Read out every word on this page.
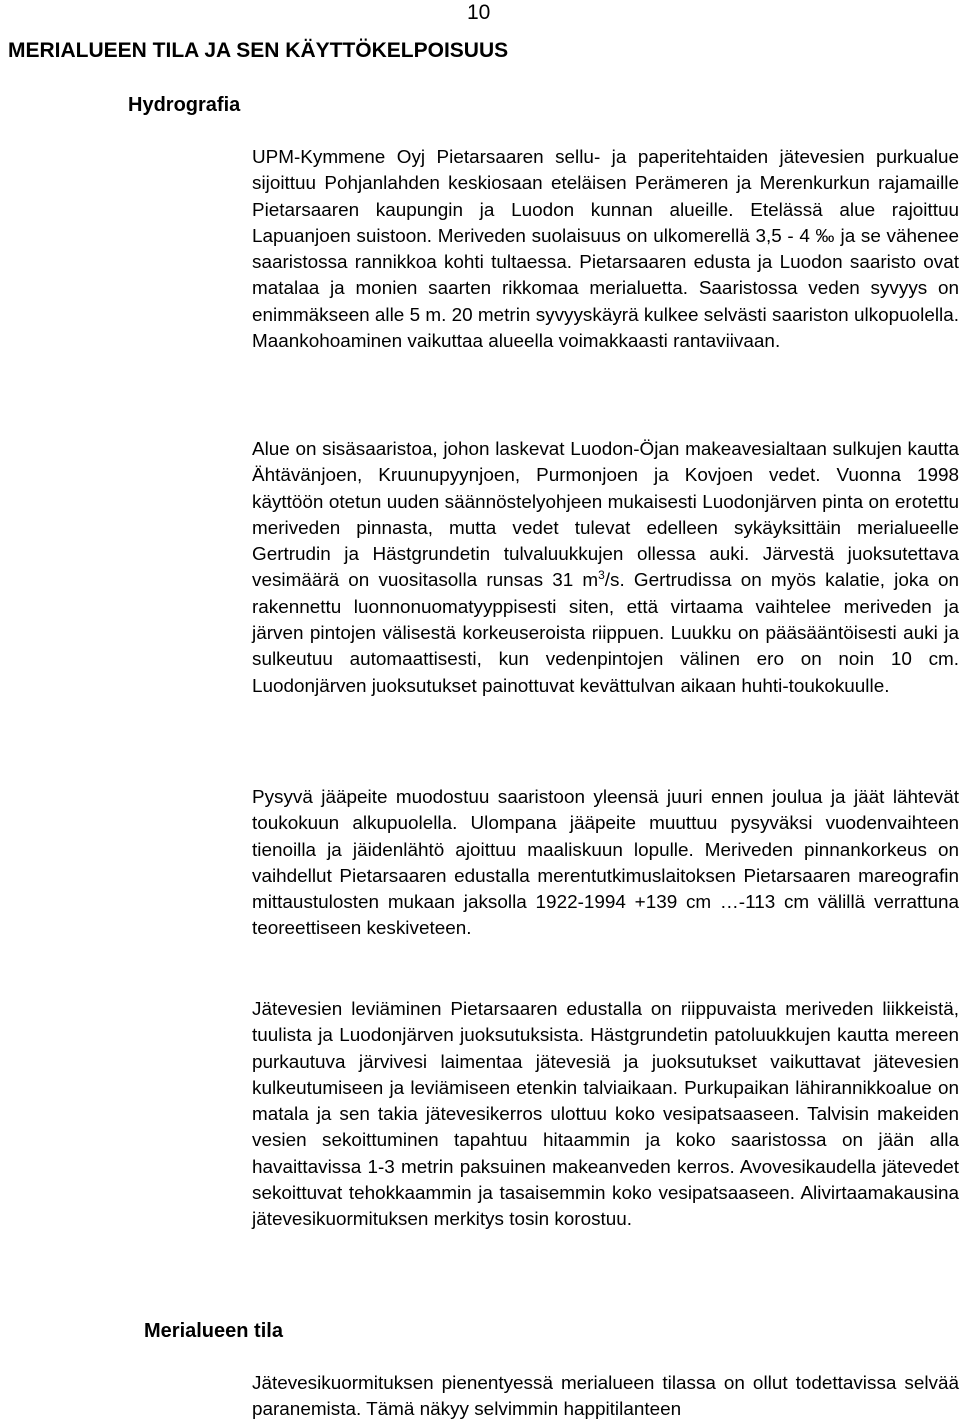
10
MERIALUEEN TILA JA SEN KÄYTTÖKELPOISUUS
Hydrografia

UPM-Kymmene Oyj Pietarsaaren sellu- ja paperitehtaiden jätevesien purkualue sijoittuu Pohjanlahden keskiosaan eteläisen Perämeren ja Merenkurkun rajamaille Pietarsaaren kaupungin ja Luodon kunnan alueille. Etelässä alue rajoittuu Lapuanjoen suistoon. Meriveden suolaisuus on ulkomerellä 3,5 - 4 ‰ ja se vähenee saaristossa rannikkoa kohti tultaessa. Pietarsaaren edusta ja Luodon saaristo ovat matalaa ja monien saarten rikkomaa merialuetta. Saaristossa veden syvyys on enimmäkseen alle 5 m. 20 metrin syvyyskäyrä kulkee selvästi saariston ulkopuolella. Maankohoaminen vaikuttaa alueella voimakkaasti rantaviivaan.

Alue on sisäsaaristoa, johon laskevat Luodon-Öjan makeavesialtaan sulkujen kautta Ähtävänjoen, Kruunupyynjoen, Purmonjoen ja Kovjoen vedet. Vuonna 1998 käyttöön otetun uuden säännöstelyohjeen mukaisesti Luodonjärven pinta on erotettu meriveden pinnasta, mutta vedet tulevat edelleen sykäyksittäin merialueelle Gertrudin ja Hästgrundetin tulvaluukkujen ollessa auki. Järvestä juoksutettava vesimäärä on vuositasolla runsas 31 $m^3/s$. Gertrudissa on myös kalatie, joka on rakennettu luonnonuomatyyppisesti siten, että virtaama vaihtelee meriveden ja järven pintojen välisestä korkeuseroista riippuen. Luukku on pääsääntöisesti auki ja sulkeutuu automaattisesti, kun vedenpintojen välinen ero on noin 10 cm. Luodonjärven juoksutukset painottuvat kevättulvan aikaan huhti-toukokuulle.

Pysyvä jääpeite muodostuu saaristoon yleensä juuri ennen joulua ja jäät lähtevät toukokuun alkupuolella. Ulompana jääpeite muuttuu pysyväksi vuodenvaihteen tienoilla ja jäidenlähtö ajoittuu maaliskuun lopulle. Meriveden pinnankorkeus on vaihdellut Pietarsaaren edustalla merentutkimuslaitoksen Pietarsaaren mareografin mittaustulosten mukaan jaksolla 1922-1994 +139 cm …-113 cm välillä verrattuna teoreettiseen keskiveteen.

Jätevesien leviäminen Pietarsaaren edustalla on riippuvaista meriveden liikkeistä, tuulista ja Luodonjärven juoksutuksista. Hästgrundetin patoluukkujen kautta mereen purkautuva järvivesi laimentaa jätevesiä ja juoksutukset vaikuttavat jätevesien kulkeutumiseen ja leviämiseen etenkin talviaikaan. Purkupaikan lähirannikkoalue on matala ja sen takia jätevesikerros ulottuu koko vesipatsaaseen. Talvisin makeiden vesien sekoittuminen tapahtuu hitaammin ja koko saaristossa on jään alla havaittavissa 1-3 metrin paksuinen makeanveden kerros. Avovesikaudella jätevedet sekoittuvat tehokkaammin ja tasaisemmin koko vesipatsaaseen. Alivirtaamakausina jätevesikuormituksen merkitys tosin korostuu.

Merialueen tila

Jätevesikuormituksen pienentyessä merialueen tilassa on ollut todettavissa selvää paranemista. Tämä näkyy selvimmin happitilanteen
